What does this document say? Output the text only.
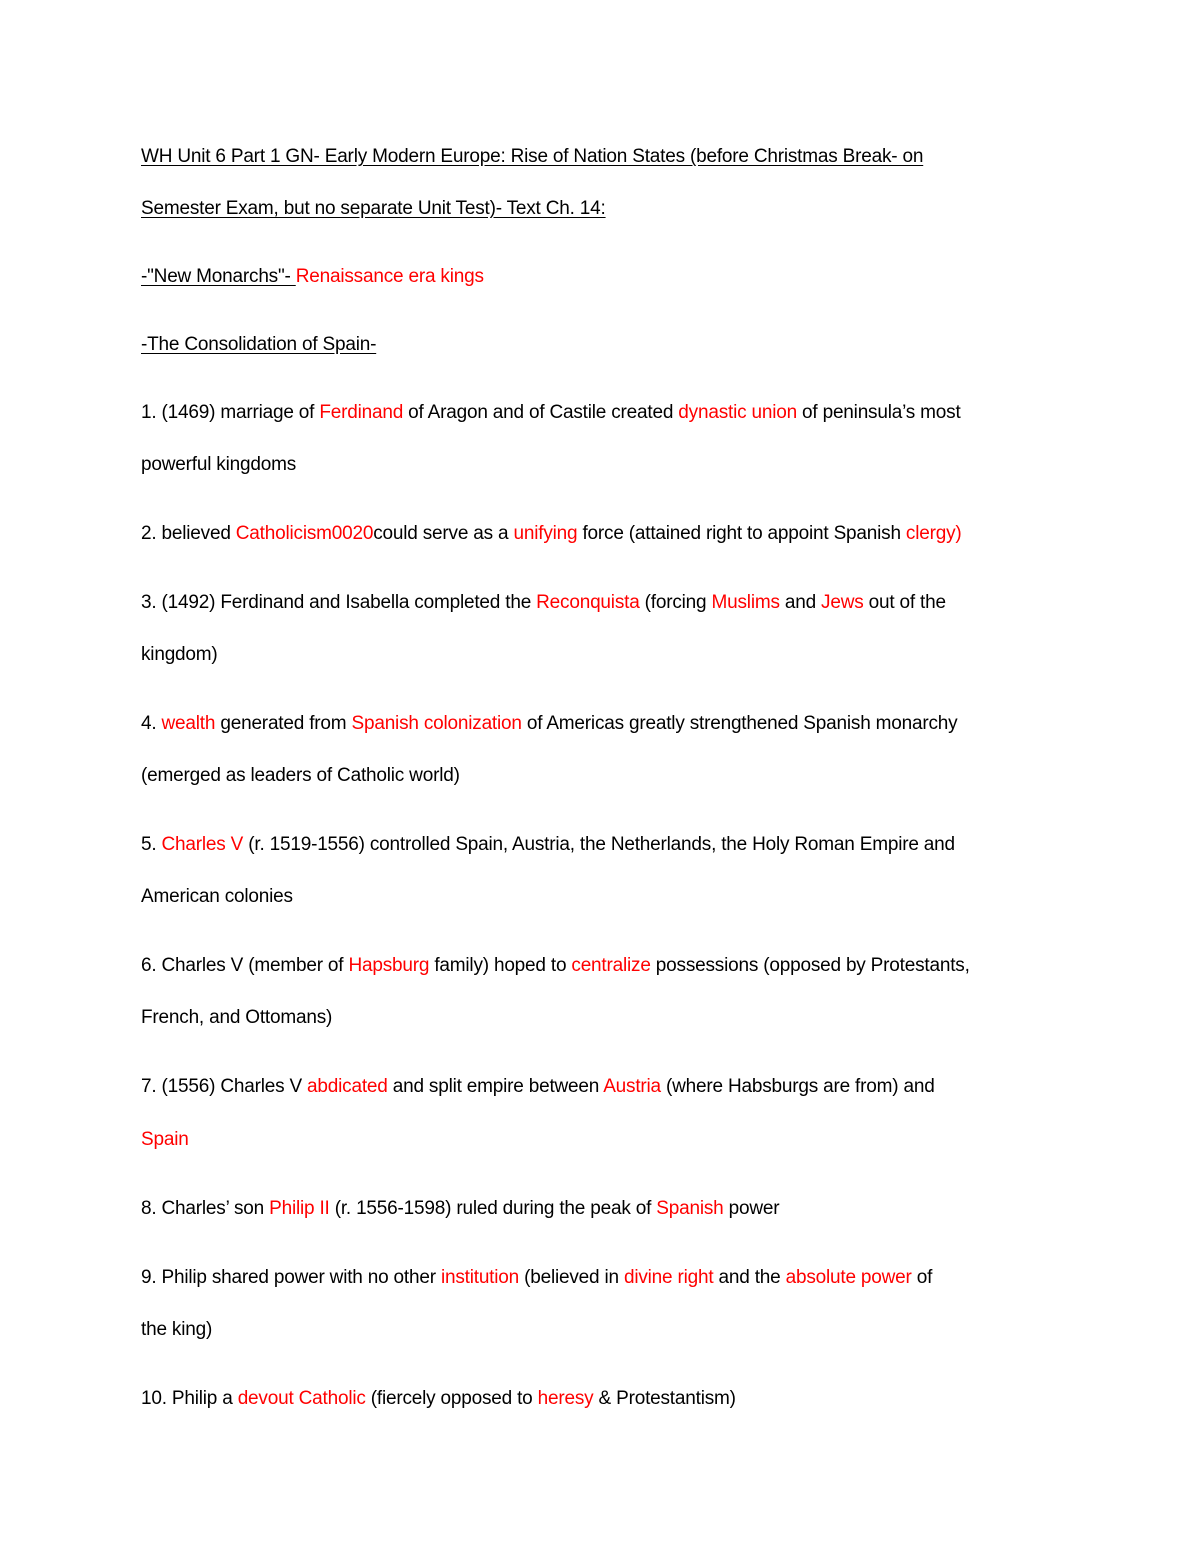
WH Unit 6 Part 1 GN- Early Modern Europe: Rise of Nation States (before Christmas Break- on
Semester Exam, but no separate Unit Test)- Text Ch. 14:
-"New Monarchs"- Renaissance era kings
-The Consolidation of Spain-
1. (1469) marriage of Ferdinand of Aragon and of Castile created dynastic union of peninsula’s most
powerful kingdoms
2. believed Catholicism0020could serve as a unifying force (attained right to appoint Spanish clergy)
3. (1492) Ferdinand and Isabella completed the Reconquista (forcing Muslims and Jews out of the
kingdom)
4. wealth generated from Spanish colonization of Americas greatly strengthened Spanish monarchy
(emerged as leaders of Catholic world)
5. Charles V (r. 1519-1556) controlled Spain, Austria, the Netherlands, the Holy Roman Empire and
American colonies
6. Charles V (member of Hapsburg family) hoped to centralize possessions (opposed by Protestants,
French, and Ottomans)
7. (1556) Charles V abdicated and split empire between Austria (where Habsburgs are from) and
Spain
8. Charles’ son Philip II (r. 1556-1598) ruled during the peak of Spanish power
9. Philip shared power with no other institution (believed in divine right and the absolute power of
the king)
10. Philip a devout Catholic (fiercely opposed to heresy & Protestantism)
